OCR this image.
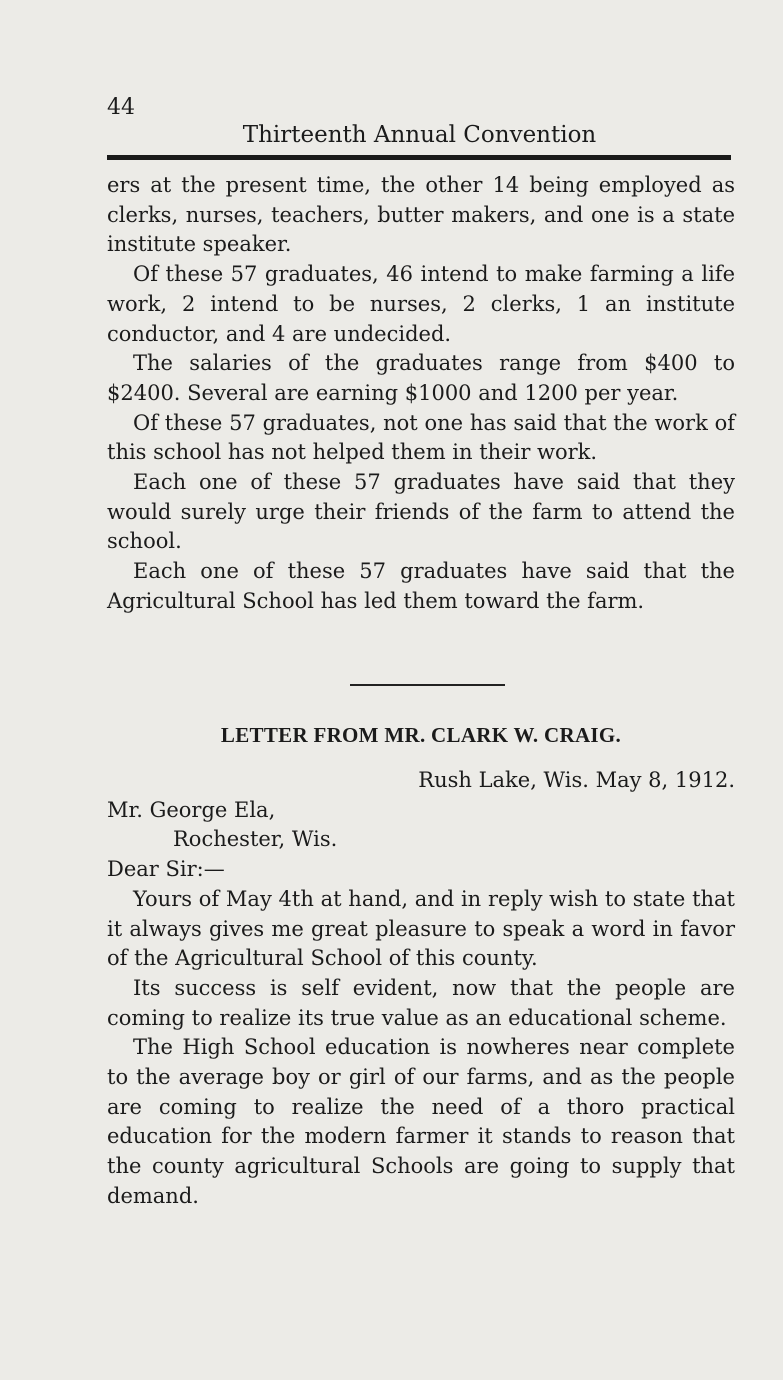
44
Thirteenth Annual Convention

ers at the present time, the other 14 being employed as clerks, nurses, teachers, butter makers, and one is a state institute speaker.

Of these 57 graduates, 46 intend to make farming a life work, 2 intend to be nurses, 2 clerks, 1 an institute conductor, and 4 are undecided.

The salaries of the graduates range from $400 to $2400. Several are earning $1000 and 1200 per year.

Of these 57 graduates, not one has said that the work of this school has not helped them in their work.

Each one of these 57 graduates have said that they would surely urge their friends of the farm to attend the school.

Each one of these 57 graduates have said that the Agricultural School has led them toward the farm.

LETTER FROM MR. CLARK W. CRAIG.

Rush Lake, Wis. May 8, 1912.

Mr. George Ela,

Rochester, Wis.

Dear Sir:—

Yours of May 4th at hand, and in reply wish to state that it always gives me great pleasure to speak a word in favor of the Agricultural School of this county.

Its success is self evident, now that the people are coming to realize its true value as an educational scheme.

The High School education is nowheres near complete to the average boy or girl of our farms, and as the people are coming to realize the need of a thoro practical education for the modern farmer it stands to reason that the county agricultural Schools are going to supply that demand.
